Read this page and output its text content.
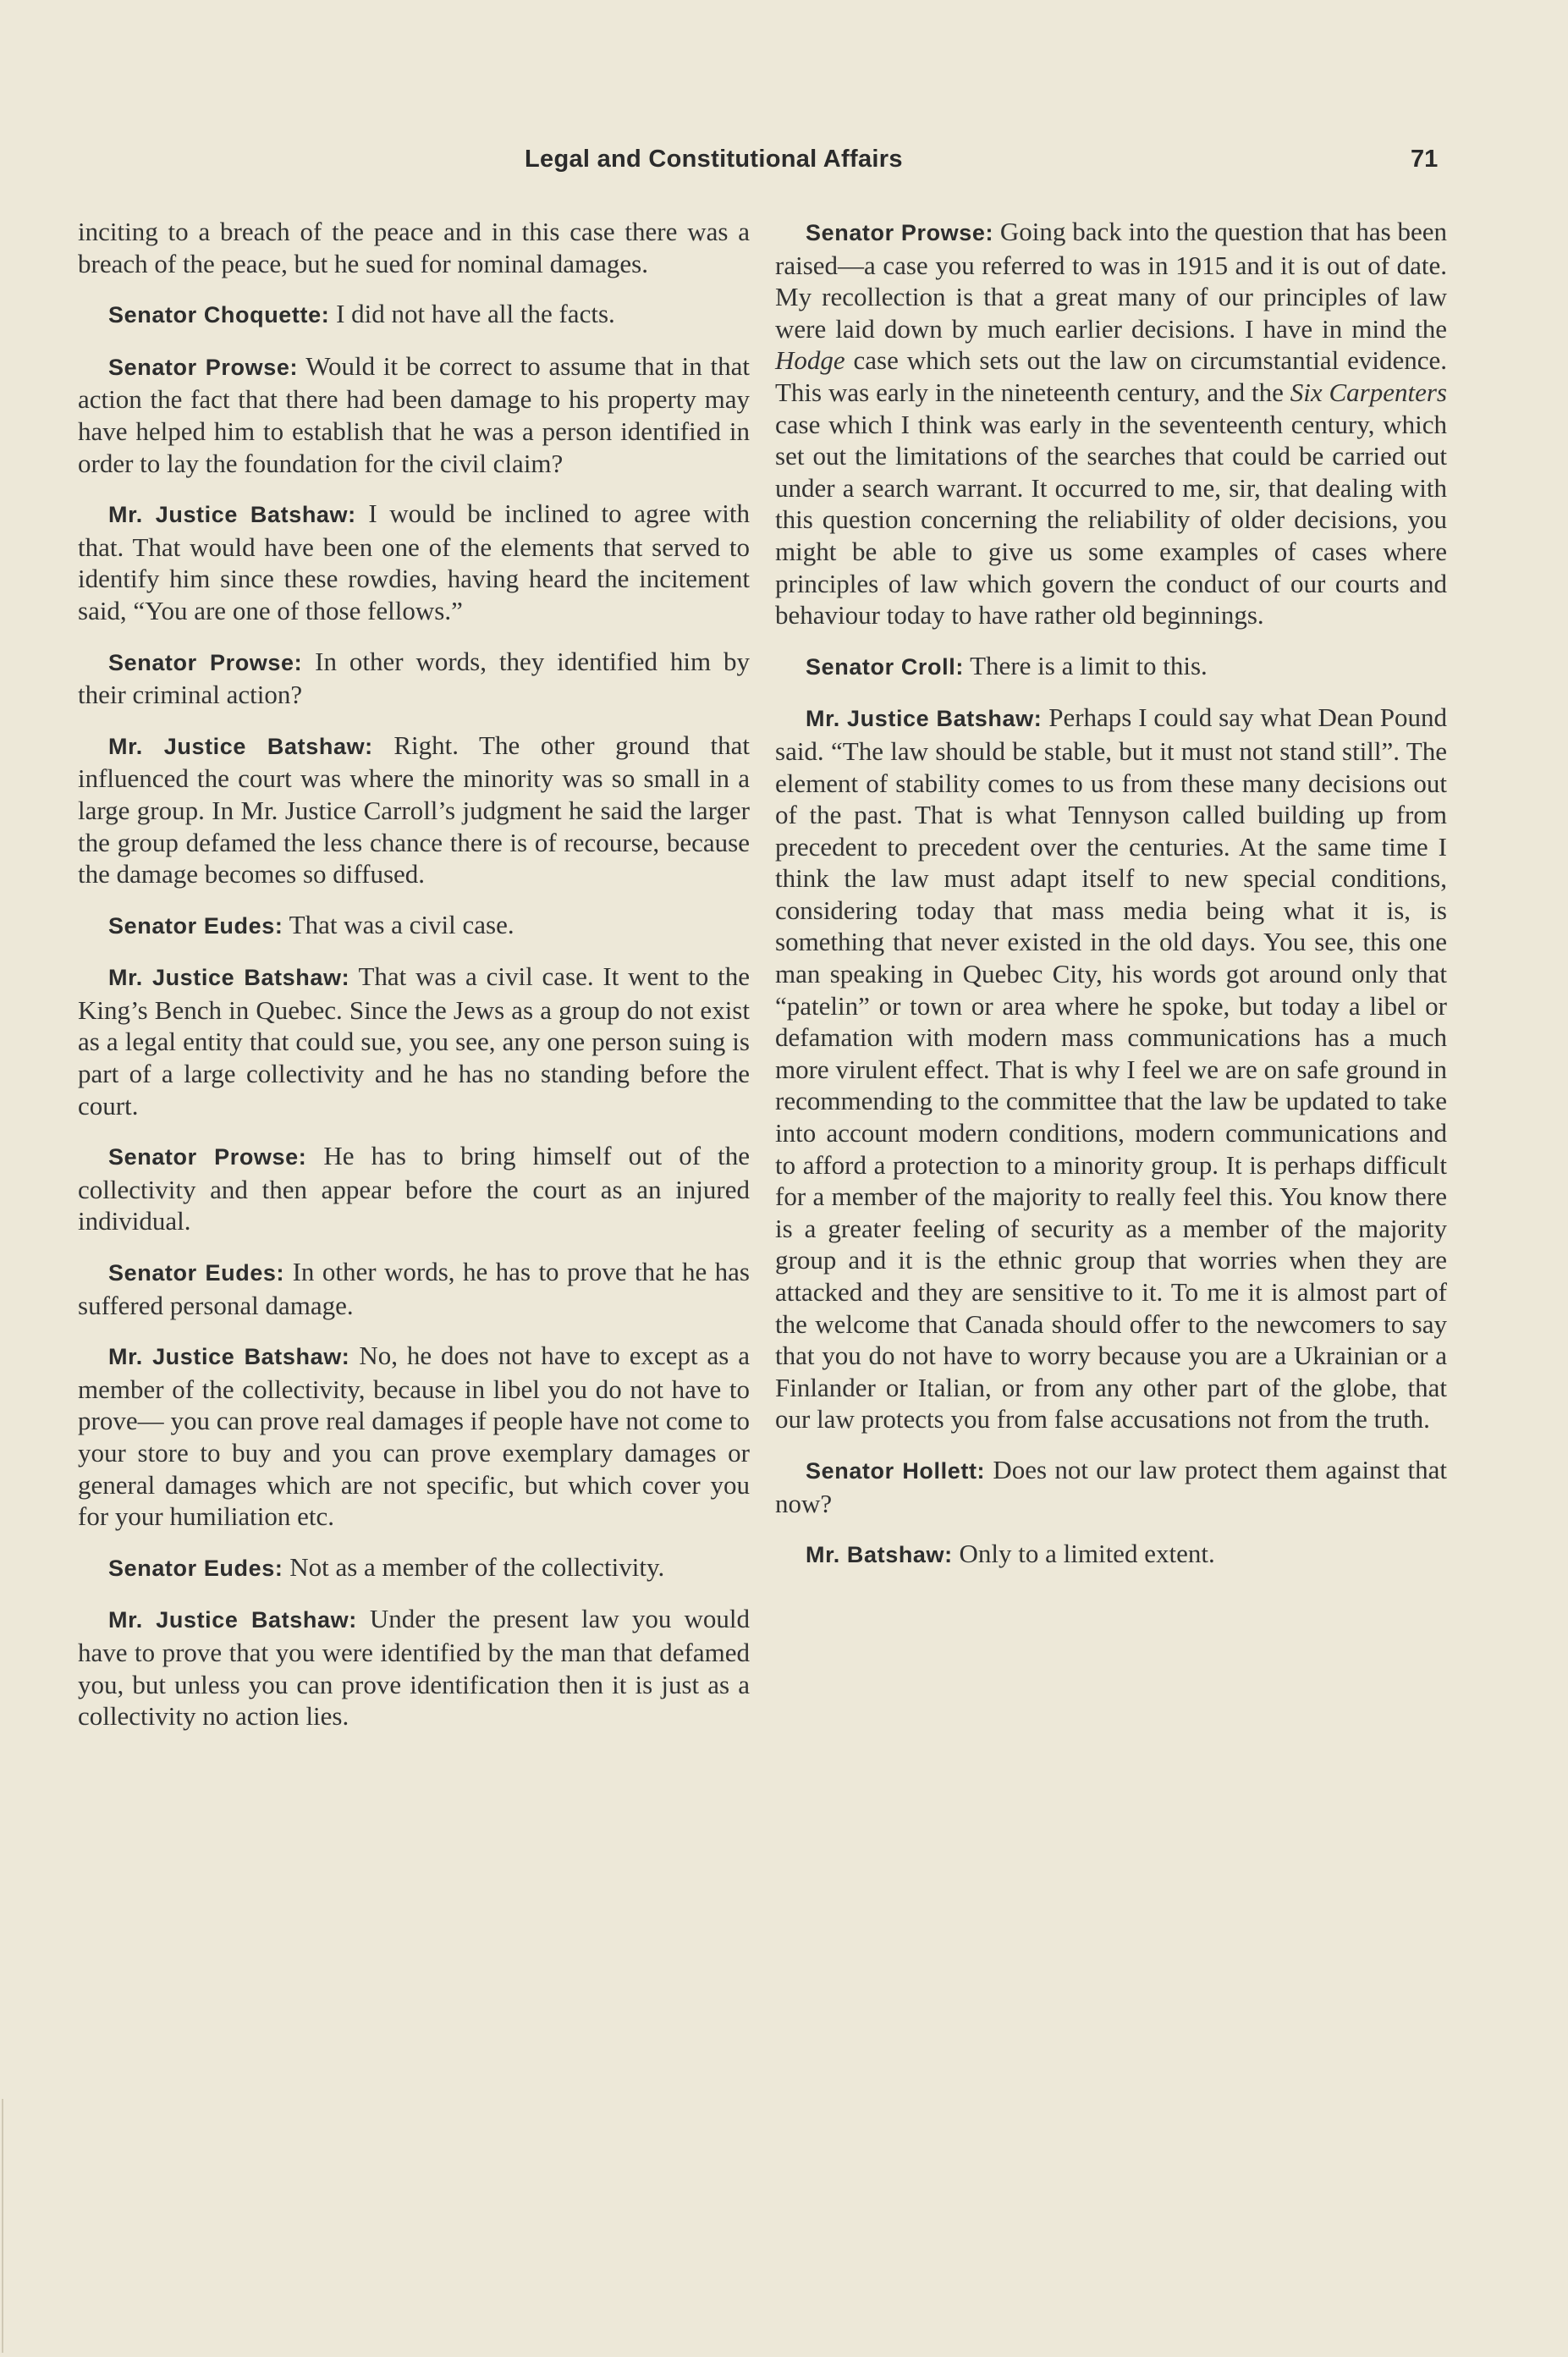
Legal and Constitutional Affairs	71

inciting to a breach of the peace and in this case there was a breach of the peace, but he sued for nominal damages.

Senator Choquette: I did not have all the facts.

Senator Prowse: Would it be correct to assume that in that action the fact that there had been damage to his property may have helped him to establish that he was a person identified in order to lay the foundation for the civil claim?

Mr. Justice Batshaw: I would be inclined to agree with that. That would have been one of the elements that served to identify him since these rowdies, having heard the incitement said, “You are one of those fellows.”

Senator Prowse: In other words, they identified him by their criminal action?

Mr. Justice Batshaw: Right. The other ground that influenced the court was where the minority was so small in a large group. In Mr. Justice Carroll’s judgment he said the larger the group defamed the less chance there is of recourse, because the damage becomes so diffused.

Senator Eudes: That was a civil case.

Mr. Justice Batshaw: That was a civil case. It went to the King’s Bench in Quebec. Since the Jews as a group do not exist as a legal entity that could sue, you see, any one person suing is part of a large collectivity and he has no standing before the court.

Senator Prowse: He has to bring himself out of the collectivity and then appear before the court as an injured individual.

Senator Eudes: In other words, he has to prove that he has suffered personal damage.

Mr. Justice Batshaw: No, he does not have to except as a member of the collectivity, because in libel you do not have to prove— you can prove real damages if people have not come to your store to buy and you can prove exemplary damages or general damages which are not specific, but which cover you for your humiliation etc.

Senator Eudes: Not as a member of the collectivity.

Mr. Justice Batshaw: Under the present law you would have to prove that you were identified by the man that defamed you, but unless you can prove identification then it is just as a collectivity no action lies.

Senator Prowse: Going back into the question that has been raised—a case you referred to was in 1915 and it is out of date. My recollection is that a great many of our principles of law were laid down by much earlier decisions. I have in mind the Hodge case which sets out the law on circumstantial evidence. This was early in the nineteenth century, and the Six Carpenters case which I think was early in the seventeenth century, which set out the limitations of the searches that could be carried out under a search warrant. It occurred to me, sir, that dealing with this question concerning the reliability of older decisions, you might be able to give us some examples of cases where principles of law which govern the conduct of our courts and behaviour today to have rather old beginnings.

Senator Croll: There is a limit to this.

Mr. Justice Batshaw: Perhaps I could say what Dean Pound said. “The law should be stable, but it must not stand still”. The element of stability comes to us from these many decisions out of the past. That is what Tennyson called building up from precedent to precedent over the centuries. At the same time I think the law must adapt itself to new special conditions, considering today that mass media being what it is, is something that never existed in the old days. You see, this one man speaking in Quebec City, his words got around only that “patelin” or town or area where he spoke, but today a libel or defamation with modern mass communications has a much more virulent effect. That is why I feel we are on safe ground in recommending to the committee that the law be updated to take into account modern conditions, modern communications and to afford a protection to a minority group. It is perhaps difficult for a member of the majority to really feel this. You know there is a greater feeling of security as a member of the majority group and it is the ethnic group that worries when they are attacked and they are sensitive to it. To me it is almost part of the welcome that Canada should offer to the newcomers to say that you do not have to worry because you are a Ukrainian or a Finlander or Italian, or from any other part of the globe, that our law protects you from false accusations not from the truth.

Senator Hollett: Does not our law protect them against that now?

Mr. Batshaw: Only to a limited extent.
